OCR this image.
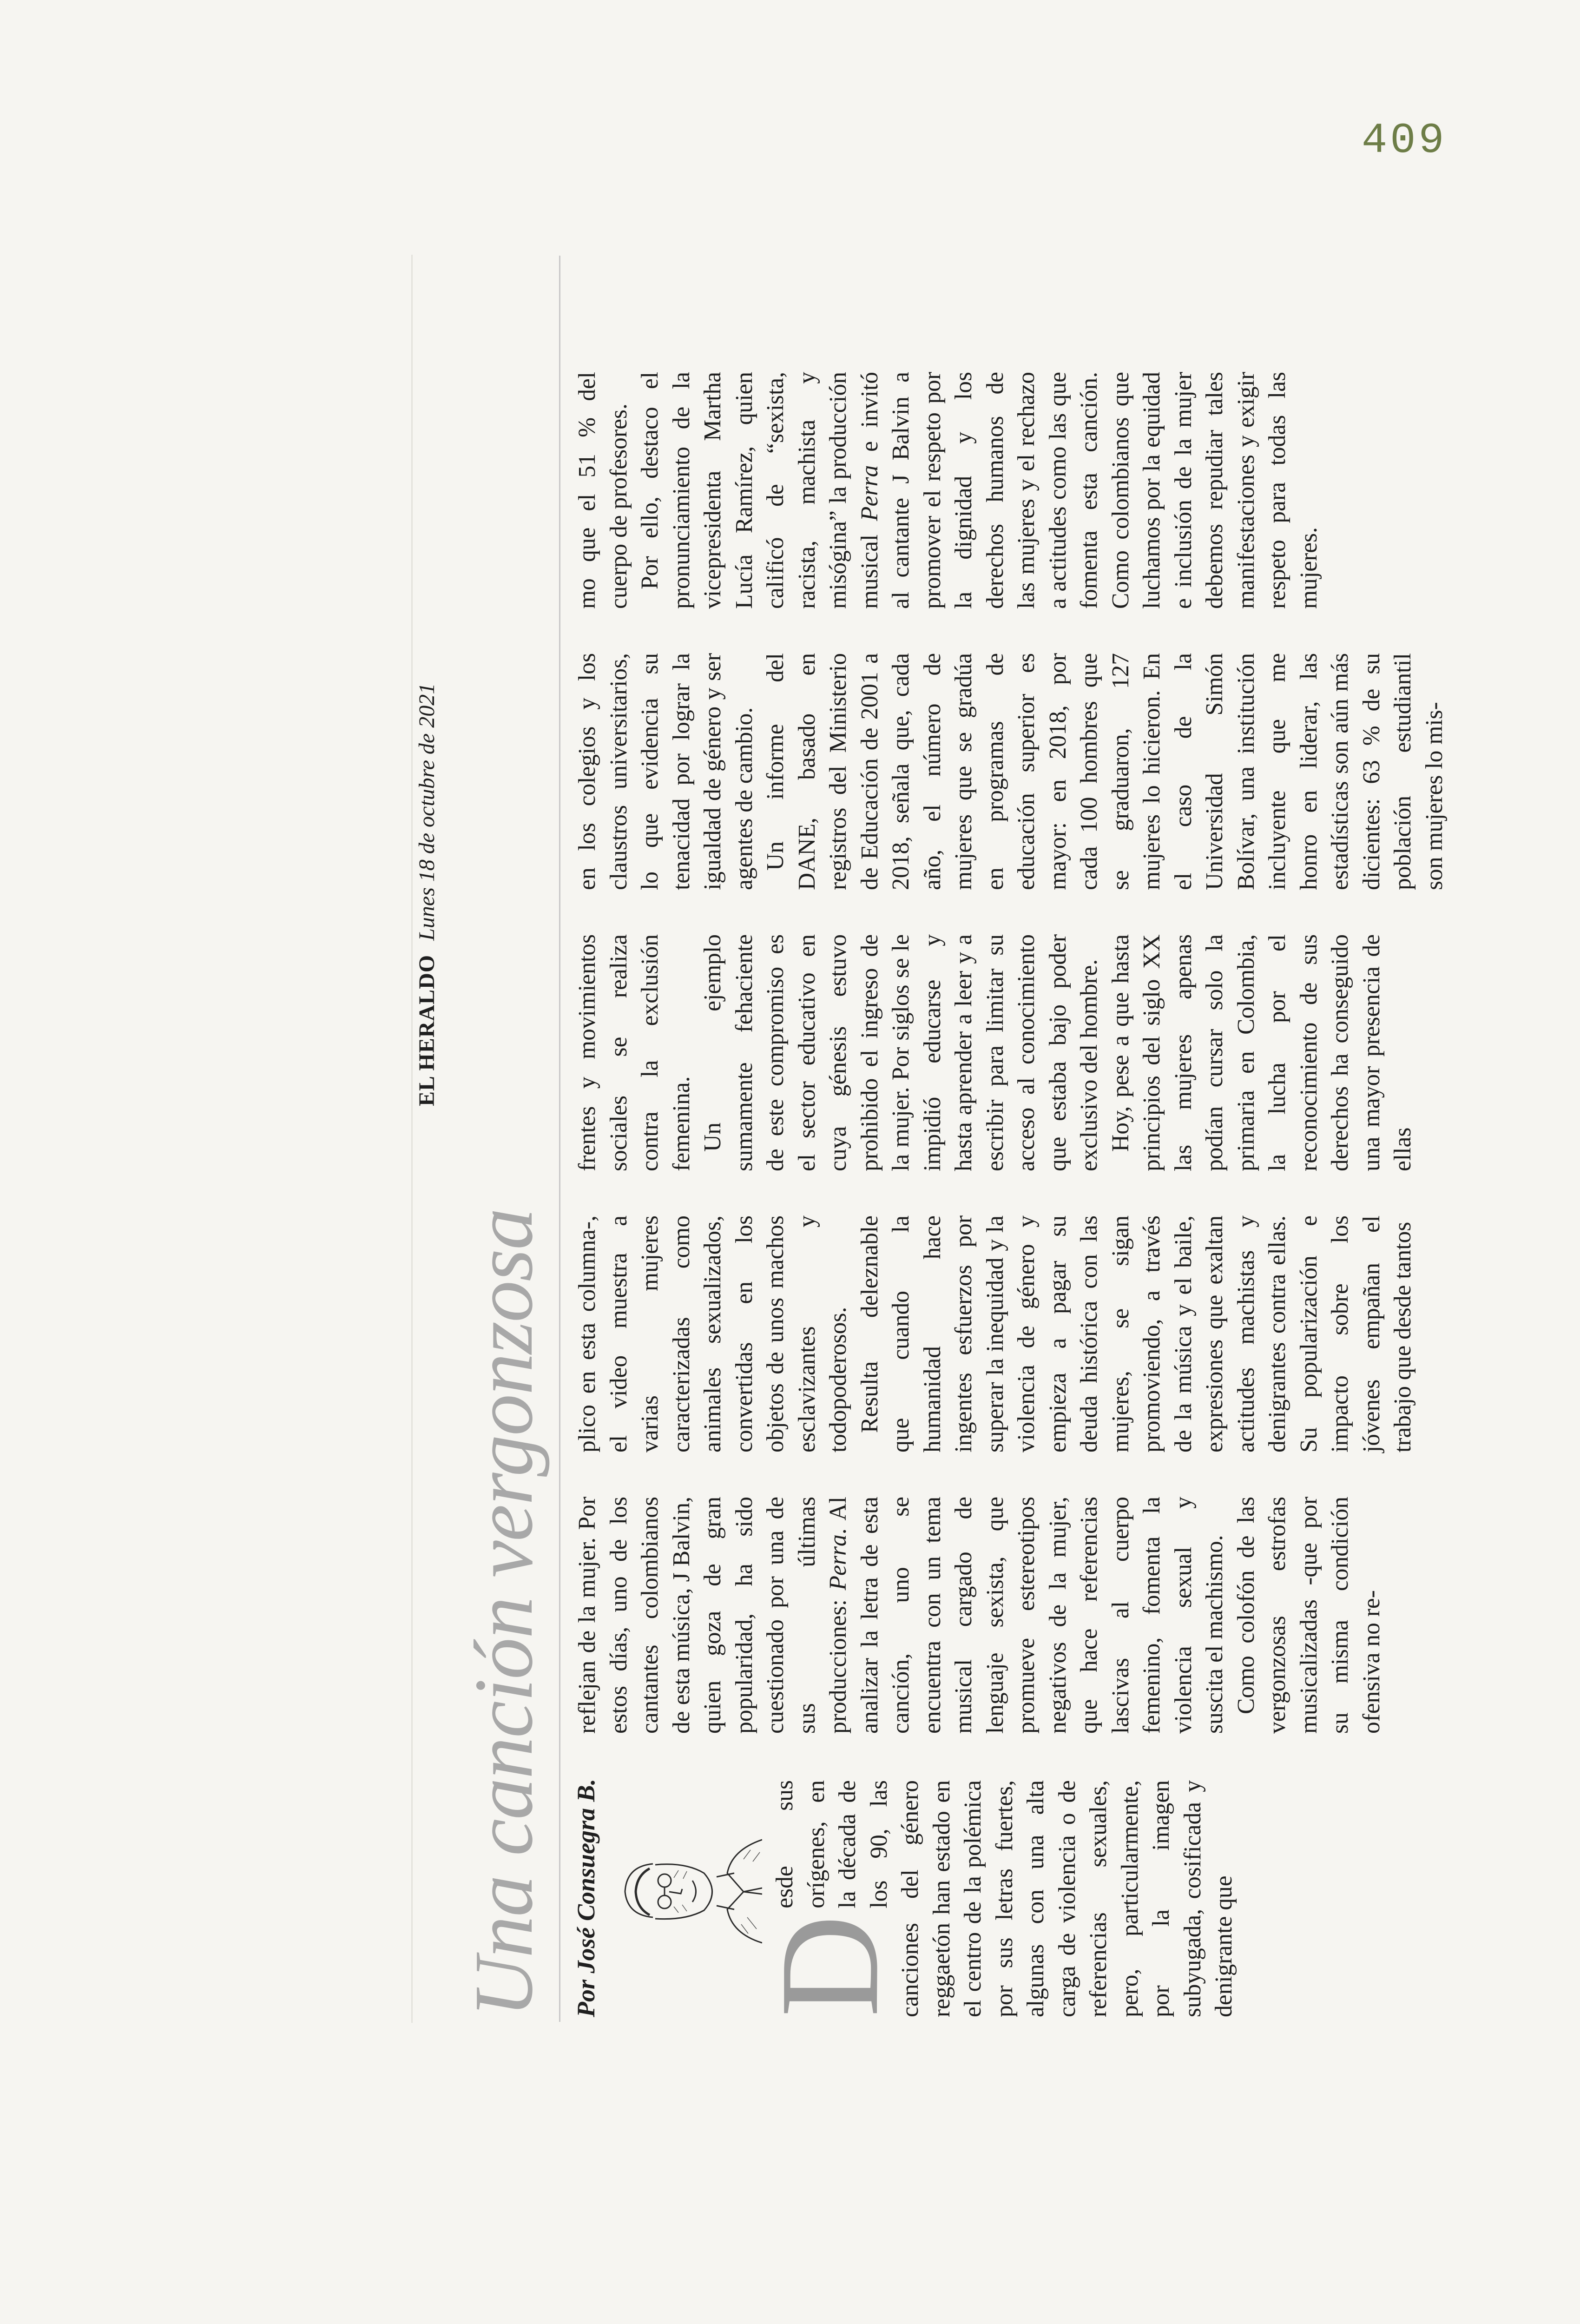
409
EL HERALDO Lunes 18 de octubre de 2021
Una canción vergonzosa Por José Consuegra B. D

esde sus orígenes, en la década de los 90, las canciones del género reggaetón han estado en el centro de la polémica por sus letras fuertes, algunas con una alta carga de violencia o de referencias sexuales, pero, particularmente, por la imagen subyugada, cosificada y denigrante que

reflejan de la mujer. Por estos días, uno de los cantantes colombianos de esta música, J Balvin, quien goza de gran popularidad, ha sido cuestionado por una de sus últimas producciones: Perra. Al analizar la letra de esta canción, uno se encuentra con un tema musical cargado de lenguaje sexista, que promueve estereotipos negativos de la mujer, que hace referencias lascivas al cuerpo femenino, fomenta la violencia sexual y suscita el machismo. Como colofón de las vergonzosas estrofas musicalizadas -que por su misma condición ofensiva no re-

plico en esta columna-, el video muestra a varias mujeres caracterizadas como animales sexualizados, convertidas en los objetos de unos machos esclavizantes y todopoderosos. Resulta deleznable que cuando la humanidad hace ingentes esfuerzos por superar la inequidad y la violencia de género y empieza a pagar su deuda histórica con las mujeres, se sigan promoviendo, a través de la música y el baile, expresiones que exaltan actitudes machistas y denigrantes contra ellas. Su popularización e impacto sobre los jóvenes empañan el trabajo que desde tantos

frentes y movimientos sociales se realiza contra la exclusión femenina. Un ejemplo sumamente fehaciente de este compromiso es el sector educativo en cuya génesis estuvo prohibido el ingreso de la mujer. Por siglos se le impidió educarse y hasta aprender a leer y a escribir para limitar su acceso al conocimiento que estaba bajo poder exclusivo del hombre. Hoy, pese a que hasta principios del siglo XX las mujeres apenas podían cursar solo la primaria en Colombia, la lucha por el reconocimiento de sus derechos ha conseguido una mayor presencia de ellas

en los colegios y los claustros universitarios, lo que evidencia su tenacidad por lograr la igualdad de género y ser agentes de cambio. Un informe del DANE, basado en registros del Ministerio de Educación de 2001 a 2018, señala que, cada año, el número de mujeres que se gradúa en programas de educación superior es mayor: en 2018, por cada 100 hombres que se graduaron, 127 mujeres lo hicieron. En el caso de la Universidad Simón Bolívar, una institución incluyente que me honro en liderar, las estadísticas son aún más dicientes: 63 % de su población estudiantil son mujeres lo mis-

mo que el 51 % del cuerpo de profesores. Por ello, destaco el pronunciamiento de la vicepresidenta Martha Lucía Ramírez, quien calificó de “sexista, racista, machista y misógina” la producción musical Perra e invitó al cantante J Balvin a promover el respeto por la dignidad y los derechos humanos de las mujeres y el rechazo a actitudes como las que fomenta esta canción. Como colombianos que luchamos por la equidad e inclusión de la mujer debemos repudiar tales manifestaciones y exigir respeto para todas las mujeres.
